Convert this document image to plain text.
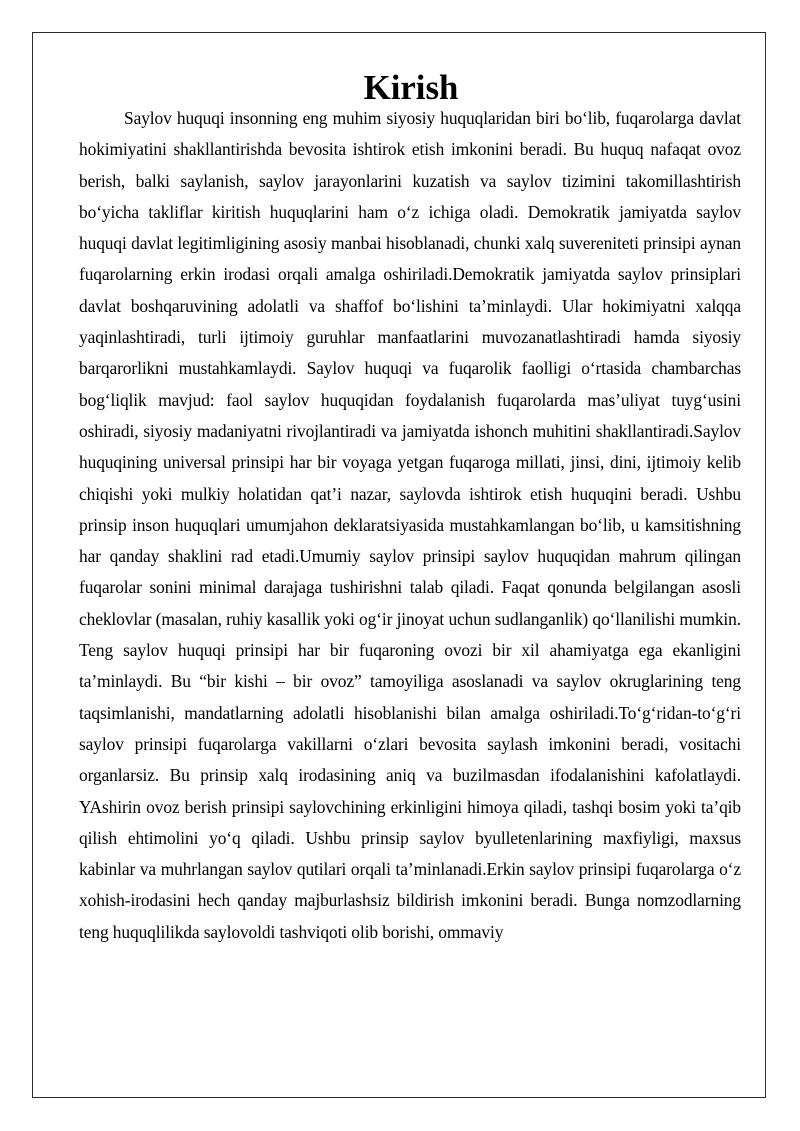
Kirish

Saylov huquqi insonning eng muhim siyosiy huquqlaridan biri bo‘lib, fuqarolarga davlat hokimiyatini shakllantirishda bevosita ishtirok etish imkonini beradi. Bu huquq nafaqat ovoz berish, balki saylanish, saylov jarayonlarini kuzatish va saylov tizimini takomillashtirish bo‘yicha takliflar kiritish huquqlarini ham o‘z ichiga oladi. Demokratik jamiyatda saylov huquqi davlat legitimligining asosiy manbai hisoblanadi, chunki xalq suvereniteti prinsipi aynan fuqarolarning erkin irodasi orqali amalga oshiriladi.Demokratik jamiyatda saylov prinsiplari davlat boshqaruvining adolatli va shaffof bo‘lishini ta’minlaydi. Ular hokimiyatni xalqqa yaqinlashtiradi, turli ijtimoiy guruhlar manfaatlarini muvozanatlashtiradi hamda siyosiy barqarorlikni mustahkamlaydi. Saylov huquqi va fuqarolik faolligi o‘rtasida chambarchas bog‘liqlik mavjud: faol saylov huquqidan foydalanish fuqarolarda mas’uliyat tuyg‘usini oshiradi, siyosiy madaniyatni rivojlantiradi va jamiyatda ishonch muhitini shakllantiradi.Saylov huquqining universal prinsipi har bir voyaga yetgan fuqaroga millati, jinsi, dini, ijtimoiy kelib chiqishi yoki mulkiy holatidan qat’i nazar, saylovda ishtirok etish huquqini beradi. Ushbu prinsip inson huquqlari umumjahon deklaratsiyasida mustahkamlangan bo‘lib, u kamsitishning har qanday shaklini rad etadi.Umumiy saylov prinsipi saylov huquqidan mahrum qilingan fuqarolar sonini minimal darajaga tushirishni talab qiladi. Faqat qonunda belgilangan asosli cheklovlar (masalan, ruhiy kasallik yoki og‘ir jinoyat uchun sudlanganlik) qo‘llanilishi mumkin. Teng saylov huquqi prinsipi har bir fuqaroning ovozi bir xil ahamiyatga ega ekanligini ta’minlaydi. Bu “bir kishi – bir ovoz” tamoyiliga asoslanadi va saylov okruglarining teng taqsimlanishi, mandatlarning adolatli hisoblanishi bilan amalga oshiriladi.To‘g‘ridan-to‘g‘ri saylov prinsipi fuqarolarga vakillarni o‘zlari bevosita saylash imkonini beradi, vositachi organlarsiz. Bu prinsip xalq irodasining aniq va buzilmasdan ifodalanishini kafolatlaydi. YAshirin ovoz berish prinsipi saylovchining erkinligini himoya qiladi, tashqi bosim yoki ta’qib qilish ehtimolini yo‘q qiladi. Ushbu prinsip saylov byulletenlarining maxfiyligi, maxsus kabinlar va muhrlangan saylov qutilari orqali ta’minlanadi.Erkin saylov prinsipi fuqarolarga o‘z xohish-irodasini hech qanday majburlashsiz bildirish imkonini beradi. Bunga nomzodlarning teng huquqlilikda saylovoldi tashviqoti olib borishi, ommaviy
